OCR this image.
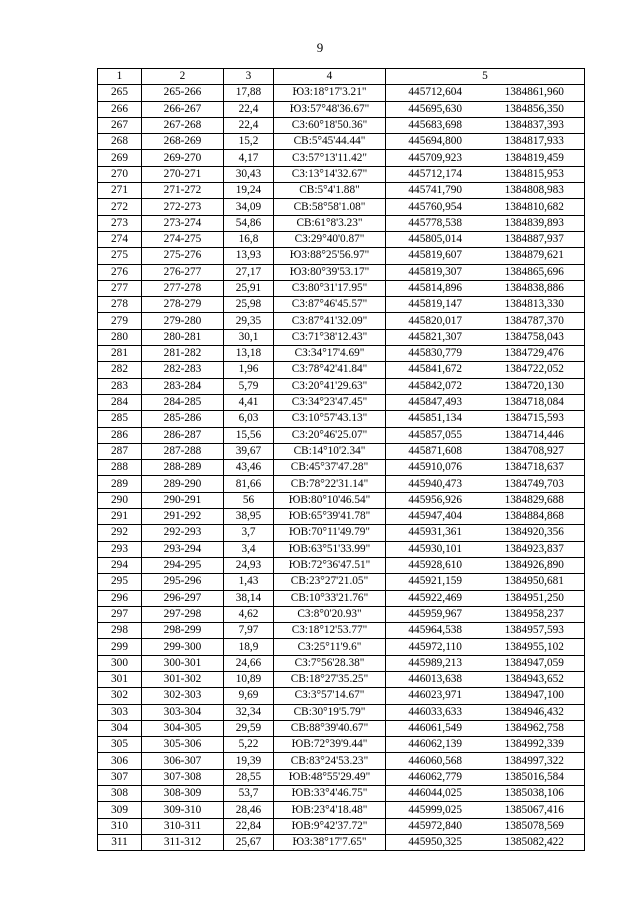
9
1	2	3	4	5	
265	265-266	17,88	ЮЗ:18°17'3.21"	445712,604	1384861,960
266	266-267	22,4	ЮЗ:57°48'36.67"	445695,630	1384856,350
267	267-268	22,4	СЗ:60°18'50.36"	445683,698	1384837,393
268	268-269	15,2	СВ:5°45'44.44"	445694,800	1384817,933
269	269-270	4,17	СЗ:57°13'11.42"	445709,923	1384819,459
270	270-271	30,43	СЗ:13°14'32.67"	445712,174	1384815,953
271	271-272	19,24	СВ:5°4'1.88"	445741,790	1384808,983
272	272-273	34,09	СВ:58°58'1.08"	445760,954	1384810,682
273	273-274	54,86	СВ:61°8'3.23"	445778,538	1384839,893
274	274-275	16,8	СЗ:29°40'0.87"	445805,014	1384887,937
275	275-276	13,93	ЮЗ:88°25'56.97"	445819,607	1384879,621
276	276-277	27,17	ЮЗ:80°39'53.17"	445819,307	1384865,696
277	277-278	25,91	СЗ:80°31'17.95"	445814,896	1384838,886
278	278-279	25,98	СЗ:87°46'45.57"	445819,147	1384813,330
279	279-280	29,35	СЗ:87°41'32.09"	445820,017	1384787,370
280	280-281	30,1	СЗ:71°38'12.43"	445821,307	1384758,043
281	281-282	13,18	СЗ:34°17'4.69"	445830,779	1384729,476
282	282-283	1,96	СЗ:78°42'41.84"	445841,672	1384722,052
283	283-284	5,79	СЗ:20°41'29.63"	445842,072	1384720,130
284	284-285	4,41	СЗ:34°23'47.45"	445847,493	1384718,084
285	285-286	6,03	СЗ:10°57'43.13"	445851,134	1384715,593
286	286-287	15,56	СЗ:20°46'25.07"	445857,055	1384714,446
287	287-288	39,67	СВ:14°10'2.34"	445871,608	1384708,927
288	288-289	43,46	СВ:45°37'47.28"	445910,076	1384718,637
289	289-290	81,66	СВ:78°22'31.14"	445940,473	1384749,703
290	290-291	56	ЮВ:80°10'46.54"	445956,926	1384829,688
291	291-292	38,95	ЮВ:65°39'41.78"	445947,404	1384884,868
292	292-293	3,7	ЮВ:70°11'49.79"	445931,361	1384920,356
293	293-294	3,4	ЮВ:63°51'33.99"	445930,101	1384923,837
294	294-295	24,93	ЮВ:72°36'47.51"	445928,610	1384926,890
295	295-296	1,43	СВ:23°27'21.05"	445921,159	1384950,681
296	296-297	38,14	СВ:10°33'21.76"	445922,469	1384951,250
297	297-298	4,62	СЗ:8°0'20.93"	445959,967	1384958,237
298	298-299	7,97	СЗ:18°12'53.77"	445964,538	1384957,593
299	299-300	18,9	СЗ:25°11'9.6"	445972,110	1384955,102
300	300-301	24,66	СЗ:7°56'28.38"	445989,213	1384947,059
301	301-302	10,89	СВ:18°27'35.25"	446013,638	1384943,652
302	302-303	9,69	СЗ:3°57'14.67"	446023,971	1384947,100
303	303-304	32,34	СВ:30°19'5.79"	446033,633	1384946,432
304	304-305	29,59	СВ:88°39'40.67"	446061,549	1384962,758
305	305-306	5,22	ЮВ:72°39'9.44"	446062,139	1384992,339
306	306-307	19,39	СВ:83°24'53.23"	446060,568	1384997,322
307	307-308	28,55	ЮВ:48°55'29.49"	446062,779	1385016,584
308	308-309	53,7	ЮВ:33°4'46.75"	446044,025	1385038,106
309	309-310	28,46	ЮВ:23°4'18.48"	445999,025	1385067,416
310	310-311	22,84	ЮВ:9°42'37.72"	445972,840	1385078,569
311	311-312	25,67	ЮЗ:38°17'7.65"	445950,325	1385082,422
